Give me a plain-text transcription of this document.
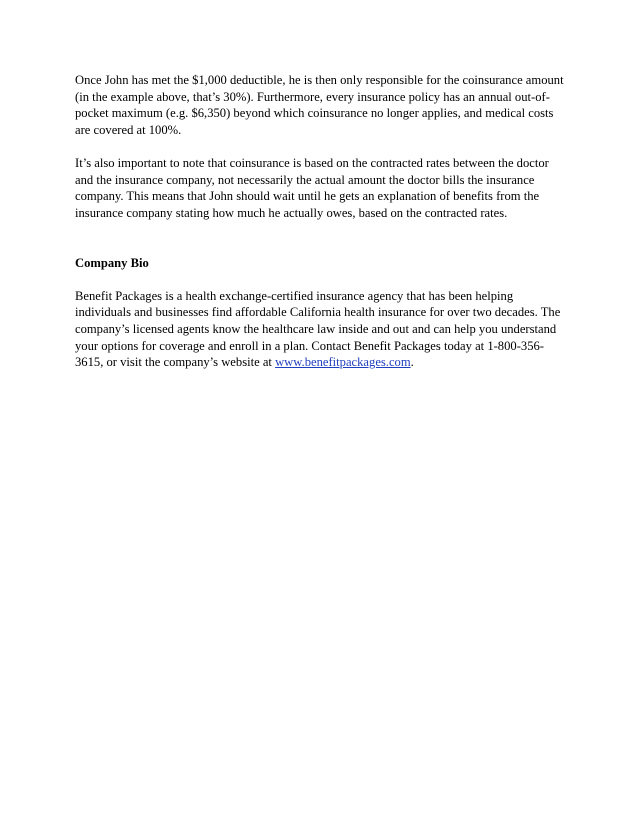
Once John has met the $1,000 deductible, he is then only responsible for the coinsurance amount
(in the example above, that’s 30%). Furthermore, every insurance policy has an annual out-of-
pocket maximum (e.g. $6,350) beyond which coinsurance no longer applies, and medical costs
are covered at 100%.
It’s also important to note that coinsurance is based on the contracted rates between the doctor
and the insurance company, not necessarily the actual amount the doctor bills the insurance
company. This means that John should wait until he gets an explanation of benefits from the
insurance company stating how much he actually owes, based on the contracted rates.
Company Bio
Benefit Packages is a health exchange-certified insurance agency that has been helping
individuals and businesses find affordable California health insurance for over two decades. The
company’s licensed agents know the healthcare law inside and out and can help you understand
your options for coverage and enroll in a plan. Contact Benefit Packages today at 1-800-356-
3615, or visit the company’s website at www.benefitpackages.com.
